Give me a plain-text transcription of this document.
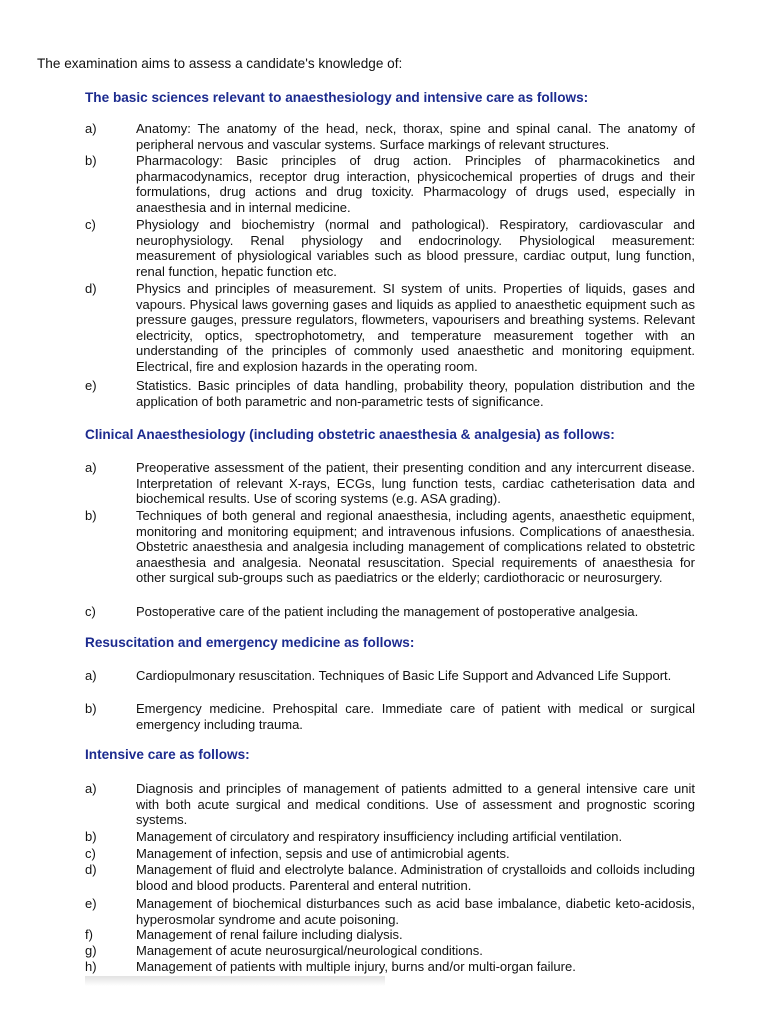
The examination aims to assess a candidate's knowledge of:

The basic sciences relevant to anaesthesiology and intensive care as follows:
a)	Anatomy: The anatomy of the head, neck, thorax, spine and spinal canal. The anatomy of peripheral nervous and vascular systems. Surface markings of relevant structures.
b)	Pharmacology: Basic principles of drug action. Principles of pharmacokinetics and pharmacodynamics, receptor drug interaction, physicochemical properties of drugs and their formulations, drug actions and drug toxicity. Pharmacology of drugs used, especially in anaesthesia and in internal medicine.
c)	Physiology and biochemistry (normal and pathological). Respiratory, cardiovascular and neurophysiology. Renal physiology and endocrinology. Physiological measurement: measurement of physiological variables such as blood pressure, cardiac output, lung function, renal function, hepatic function etc.
d)	Physics and principles of measurement. SI system of units. Properties of liquids, gases and vapours. Physical laws governing gases and liquids as applied to anaesthetic equipment such as pressure gauges, pressure regulators, flowmeters, vapourisers and breathing systems. Relevant electricity, optics, spectrophotometry, and temperature measurement together with an understanding of the principles of commonly used anaesthetic and monitoring equipment. Electrical, fire and explosion hazards in the operating room.
e)	Statistics. Basic principles of data handling, probability theory, population distribution and the application of both parametric and non-parametric tests of significance.
Clinical Anaesthesiology (including obstetric anaesthesia & analgesia) as follows:
a)	Preoperative assessment of the patient, their presenting condition and any intercurrent disease. Interpretation of relevant X-rays, ECGs, lung function tests, cardiac catheterisation data and biochemical results. Use of scoring systems (e.g. ASA grading).
b)	Techniques of both general and regional anaesthesia, including agents, anaesthetic equipment, monitoring and monitoring equipment; and intravenous infusions. Complications of anaesthesia. Obstetric anaesthesia and analgesia including management of complications related to obstetric anaesthesia and analgesia. Neonatal resuscitation. Special requirements of anaesthesia for other surgical sub-groups such as paediatrics or the elderly; cardiothoracic or neurosurgery.
c)	Postoperative care of the patient including the management of postoperative analgesia.
Resuscitation and emergency medicine as follows:
a)	Cardiopulmonary resuscitation. Techniques of Basic Life Support and Advanced Life Support.
b)	Emergency medicine. Prehospital care. Immediate care of patient with medical or surgical emergency including trauma.
Intensive care as follows:
a)	Diagnosis and principles of management of patients admitted to a general intensive care unit with both acute surgical and medical conditions. Use of assessment and prognostic scoring systems.
b)	Management of circulatory and respiratory insufficiency including artificial ventilation.
c)	Management of infection, sepsis and use of antimicrobial agents.
d)	Management of fluid and electrolyte balance. Administration of crystalloids and colloids including blood and blood products. Parenteral and enteral nutrition.
e)	Management of biochemical disturbances such as acid base imbalance, diabetic keto-acidosis, hyperosmolar syndrome and acute poisoning.
f)	Management of renal failure including dialysis.
g)	Management of acute neurosurgical/neurological conditions.
h)	Management of patients with multiple injury, burns and/or multi-organ failure.
